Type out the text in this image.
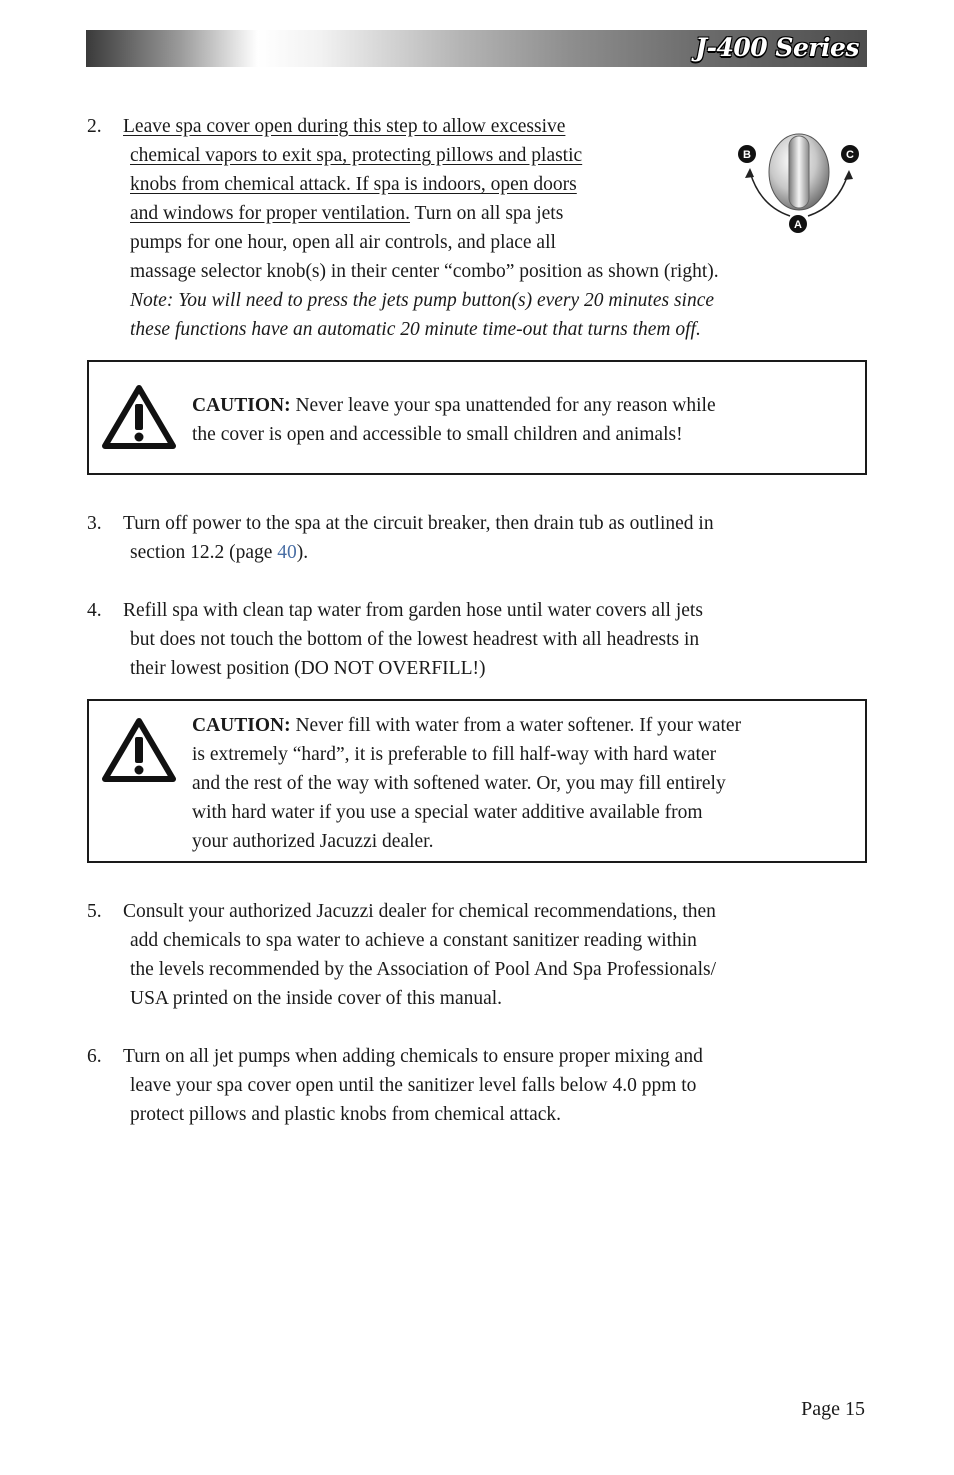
J-400 Series
2. Leave spa cover open during this step to allow excessive
chemical vapors to exit spa, protecting pillows and plastic
knobs from chemical attack. If spa is indoors, open doors
and windows for proper ventilation. Turn on all spa jets
pumps for one hour, open all air controls, and place all
massage selector knob(s) in their center “combo” position as shown (right).
Note: You will need to press the jets pump button(s) every 20 minutes since
these functions have an automatic 20 minute time-out that turns them off.
B	C
A
CAUTION: Never leave your spa unattended for any reason while
the cover is open and accessible to small children and animals!
3. Turn off power to the spa at the circuit breaker, then drain tub as outlined in
section 12.2 (page 40).
4. Refill spa with clean tap water from garden hose until water covers all jets
but does not touch the bottom of the lowest headrest with all headrests in
their lowest position (DO NOT OVERFILL!)
CAUTION: Never fill with water from a water softener. If your water
is extremely “hard”, it is preferable to fill half-way with hard water
and the rest of the way with softened water. Or, you may fill entirely
with hard water if you use a special water additive available from
your authorized Jacuzzi dealer.
5. Consult your authorized Jacuzzi dealer for chemical recommendations, then
add chemicals to spa water to achieve a constant sanitizer reading within
the levels recommended by the Association of Pool And Spa Professionals/
USA printed on the inside cover of this manual.
6. Turn on all jet pumps when adding chemicals to ensure proper mixing and
leave your spa cover open until the sanitizer level falls below 4.0 ppm to
protect pillows and plastic knobs from chemical attack.
Page 15
